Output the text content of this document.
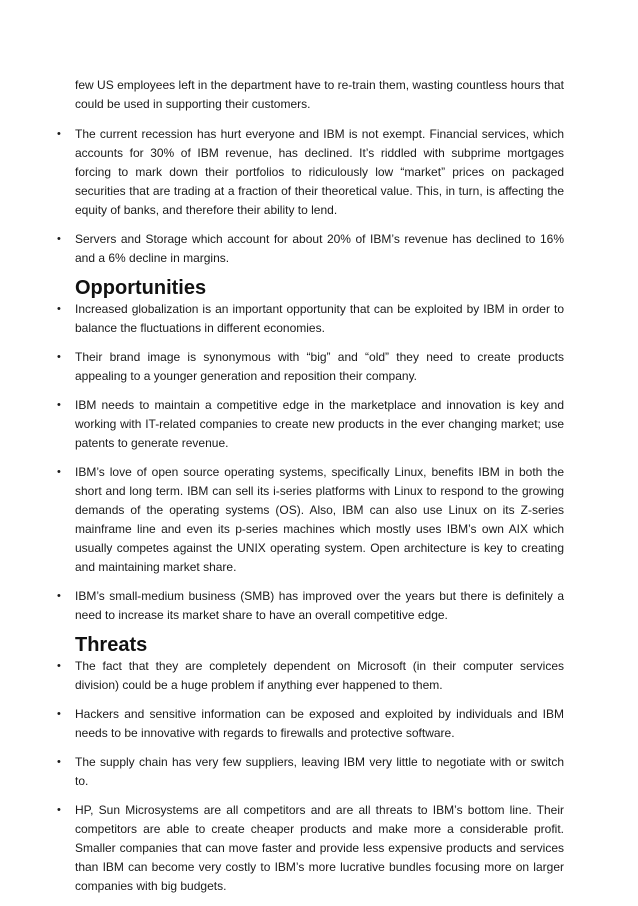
few US employees left in the department have to re-train them, wasting countless hours that could be used in supporting their customers.

• The current recession has hurt everyone and IBM is not exempt. Financial services, which accounts for 30% of IBM revenue, has declined. It’s riddled with subprime mortgages forcing to mark down their portfolios to ridiculously low “market” prices on packaged securities that are trading at a fraction of their theoretical value. This, in turn, is affecting the equity of banks, and therefore their ability to lend.

• Servers and Storage which account for about 20% of IBM’s revenue has declined to 16% and a 6% decline in margins.

Opportunities

• Increased globalization is an important opportunity that can be exploited by IBM in order to balance the fluctuations in different economies.

• Their brand image is synonymous with “big” and “old” they need to create products appealing to a younger generation and reposition their company.

• IBM needs to maintain a competitive edge in the marketplace and innovation is key and working with IT-related companies to create new products in the ever changing market; use patents to generate revenue.

• IBM’s love of open source operating systems, specifically Linux, benefits IBM in both the short and long term. IBM can sell its i-series platforms with Linux to respond to the growing demands of the operating systems (OS). Also, IBM can also use Linux on its Z-series mainframe line and even its p-series machines which mostly uses IBM’s own AIX which usually competes against the UNIX operating system. Open architecture is key to creating and maintaining market share.

• IBM’s small-medium business (SMB) has improved over the years but there is definitely a need to increase its market share to have an overall competitive edge.

Threats

• The fact that they are completely dependent on Microsoft (in their computer services division) could be a huge problem if anything ever happened to them.

• Hackers and sensitive information can be exposed and exploited by individuals and IBM needs to be innovative with regards to firewalls and protective software.

• The supply chain has very few suppliers, leaving IBM very little to negotiate with or switch to.

• HP, Sun Microsystems are all competitors and are all threats to IBM’s bottom line. Their competitors are able to create cheaper products and make more a considerable profit. Smaller companies that can move faster and provide less expensive products and services than IBM can become very costly to IBM’s more lucrative bundles focusing more on larger companies with big budgets.
